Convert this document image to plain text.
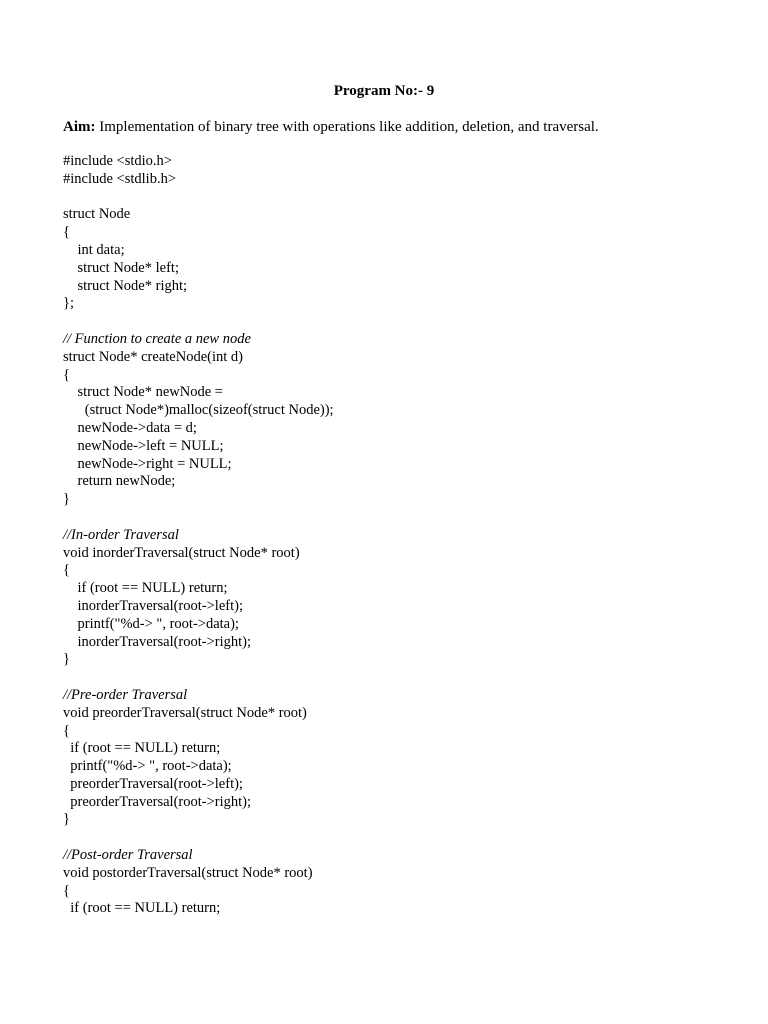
Program No:- 9
Aim: Implementation of binary tree with operations like addition, deletion, and traversal.
#include <stdio.h>
#include <stdlib.h>
struct Node
{
int data;
struct Node* left;
struct Node* right;
};
// Function to create a new node
struct Node* createNode(int d)
{
struct Node* newNode =
(struct Node*)malloc(sizeof(struct Node));
newNode->data = d;
newNode->left = NULL;
newNode->right = NULL;
return newNode;
}
//In-order Traversal
void inorderTraversal(struct Node* root)
{
if (root == NULL) return;
inorderTraversal(root->left);
printf("%d-> ", root->data);
inorderTraversal(root->right);
}
//Pre-order Traversal
void preorderTraversal(struct Node* root)
{
if (root == NULL) return;
printf("%d-> ", root->data);
preorderTraversal(root->left);
preorderTraversal(root->right);
}
//Post-order Traversal
void postorderTraversal(struct Node* root)
{
if (root == NULL) return;
